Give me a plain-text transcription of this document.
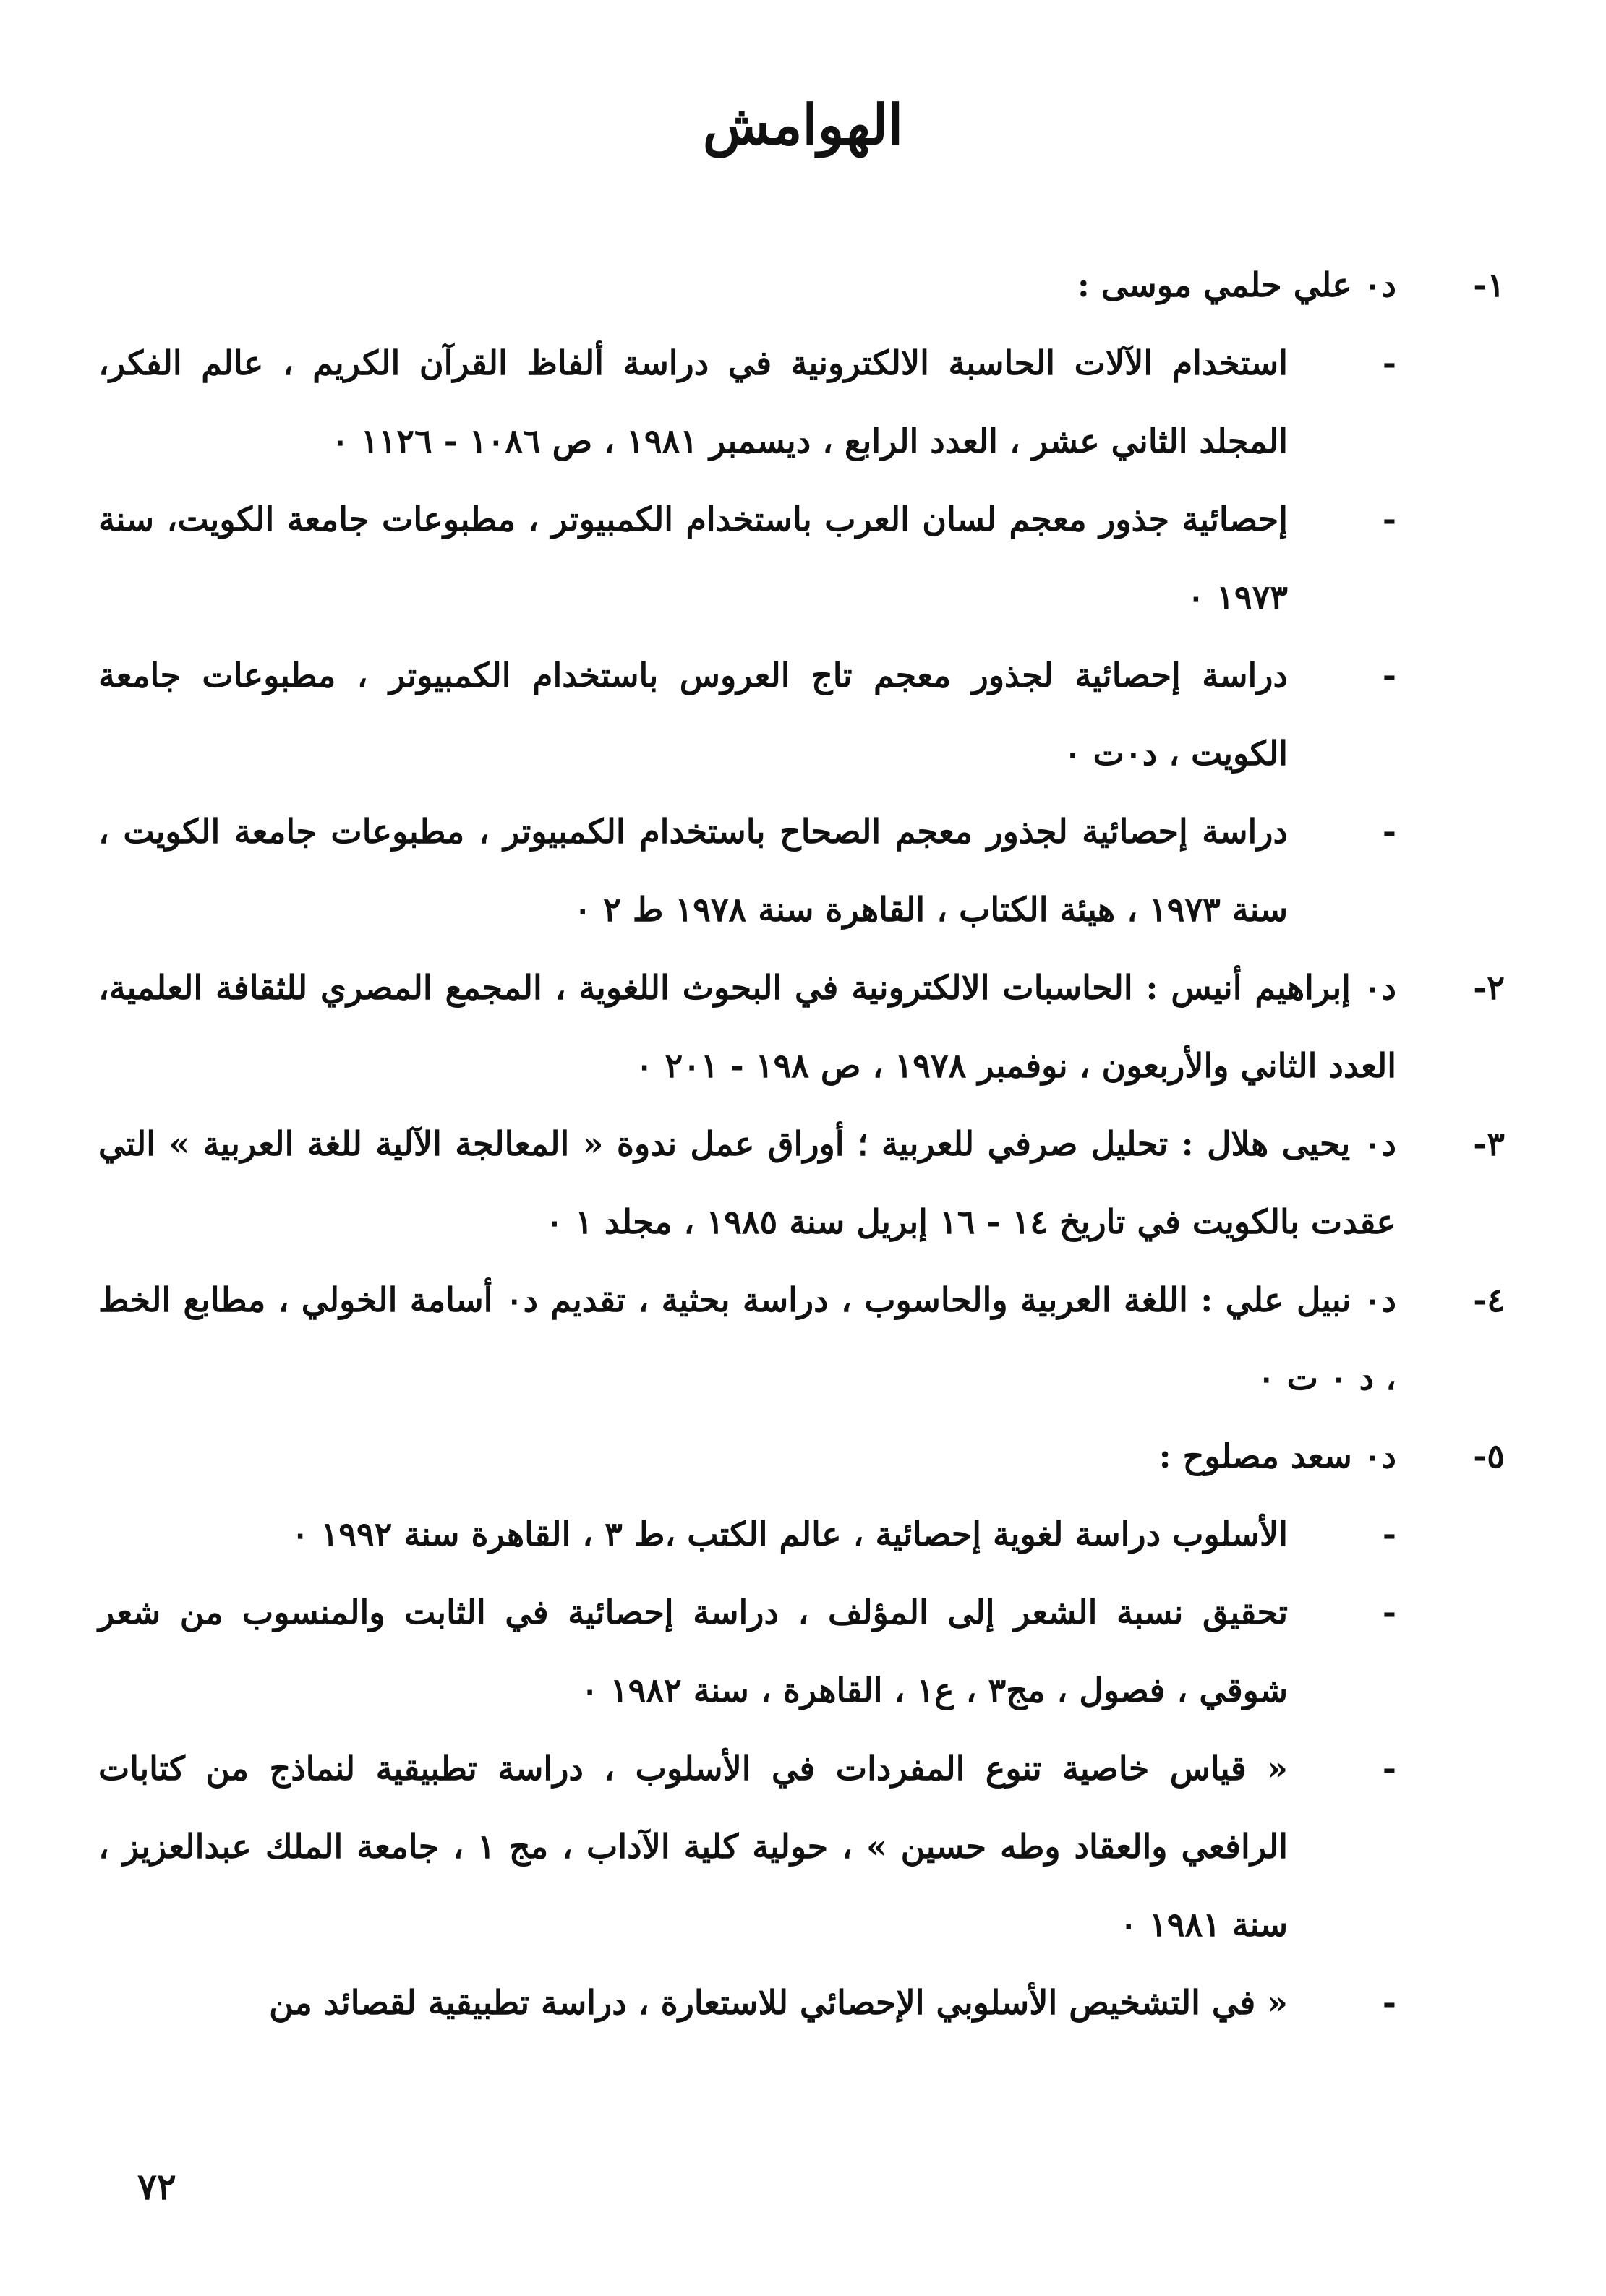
الهوامش
١-
د٠ علي حلمي موسى :
-
استخدام الآلات الحاسبة الالكترونية في دراسة ألفاظ القرآن الكريم ، عالم الفكر، المجلد الثاني عشر ، العدد الرابع ، ديسمبر ١٩٨١ ، ص ١٠٨٦ - ١١٢٦ ٠
-
إحصائية جذور معجم لسان العرب باستخدام الكمبيوتر ، مطبوعات جامعة الكويت، سنة ١٩٧٣ ٠
-
دراسة إحصائية لجذور معجم تاج العروس باستخدام الكمبيوتر ، مطبوعات جامعة الكويت ، د٠ت ٠
-
دراسة إحصائية لجذور معجم الصحاح باستخدام الكمبيوتر ، مطبوعات جامعة الكويت ، سنة ١٩٧٣ ، هيئة الكتاب ، القاهرة سنة ١٩٧٨ ط ٢ ٠
٢-
د٠ إبراهيم أنيس : الحاسبات الالكترونية في البحوث اللغوية ، المجمع المصري للثقافة العلمية، العدد الثاني والأربعون ، نوفمبر ١٩٧٨ ، ص ١٩٨ - ٢٠١ ٠
٣-
د٠ يحيى هلال : تحليل صرفي للعربية ؛ أوراق عمل ندوة « المعالجة الآلية للغة العربية » التي عقدت بالكويت في تاريخ ١٤ - ١٦ إبريل سنة ١٩٨٥ ، مجلد ١ ٠
٤-
د٠ نبيل علي : اللغة العربية والحاسوب ، دراسة بحثية ، تقديم د٠ أسامة الخولي ، مطابع الخط ، د ٠ ت ٠
٥-
د٠ سعد مصلوح :
-
الأسلوب دراسة لغوية إحصائية ، عالم الكتب ،ط ٣ ، القاهرة سنة ١٩٩٢ ٠
-
تحقيق نسبة الشعر إلى المؤلف ، دراسة إحصائية في الثابت والمنسوب من شعر شوقي ، فصول ، مج٣ ، ع١ ، القاهرة ، سنة ١٩٨٢ ٠
-
« قياس خاصية تنوع المفردات في الأسلوب ، دراسة تطبيقية لنماذج من كتابات الرافعي والعقاد وطه حسين » ، حولية كلية الآداب ، مج ١ ، جامعة الملك عبدالعزيز ، سنة ١٩٨١ ٠
-
« في التشخيص الأسلوبي الإحصائي للاستعارة ، دراسة تطبيقية لقصائد من
٧٢
